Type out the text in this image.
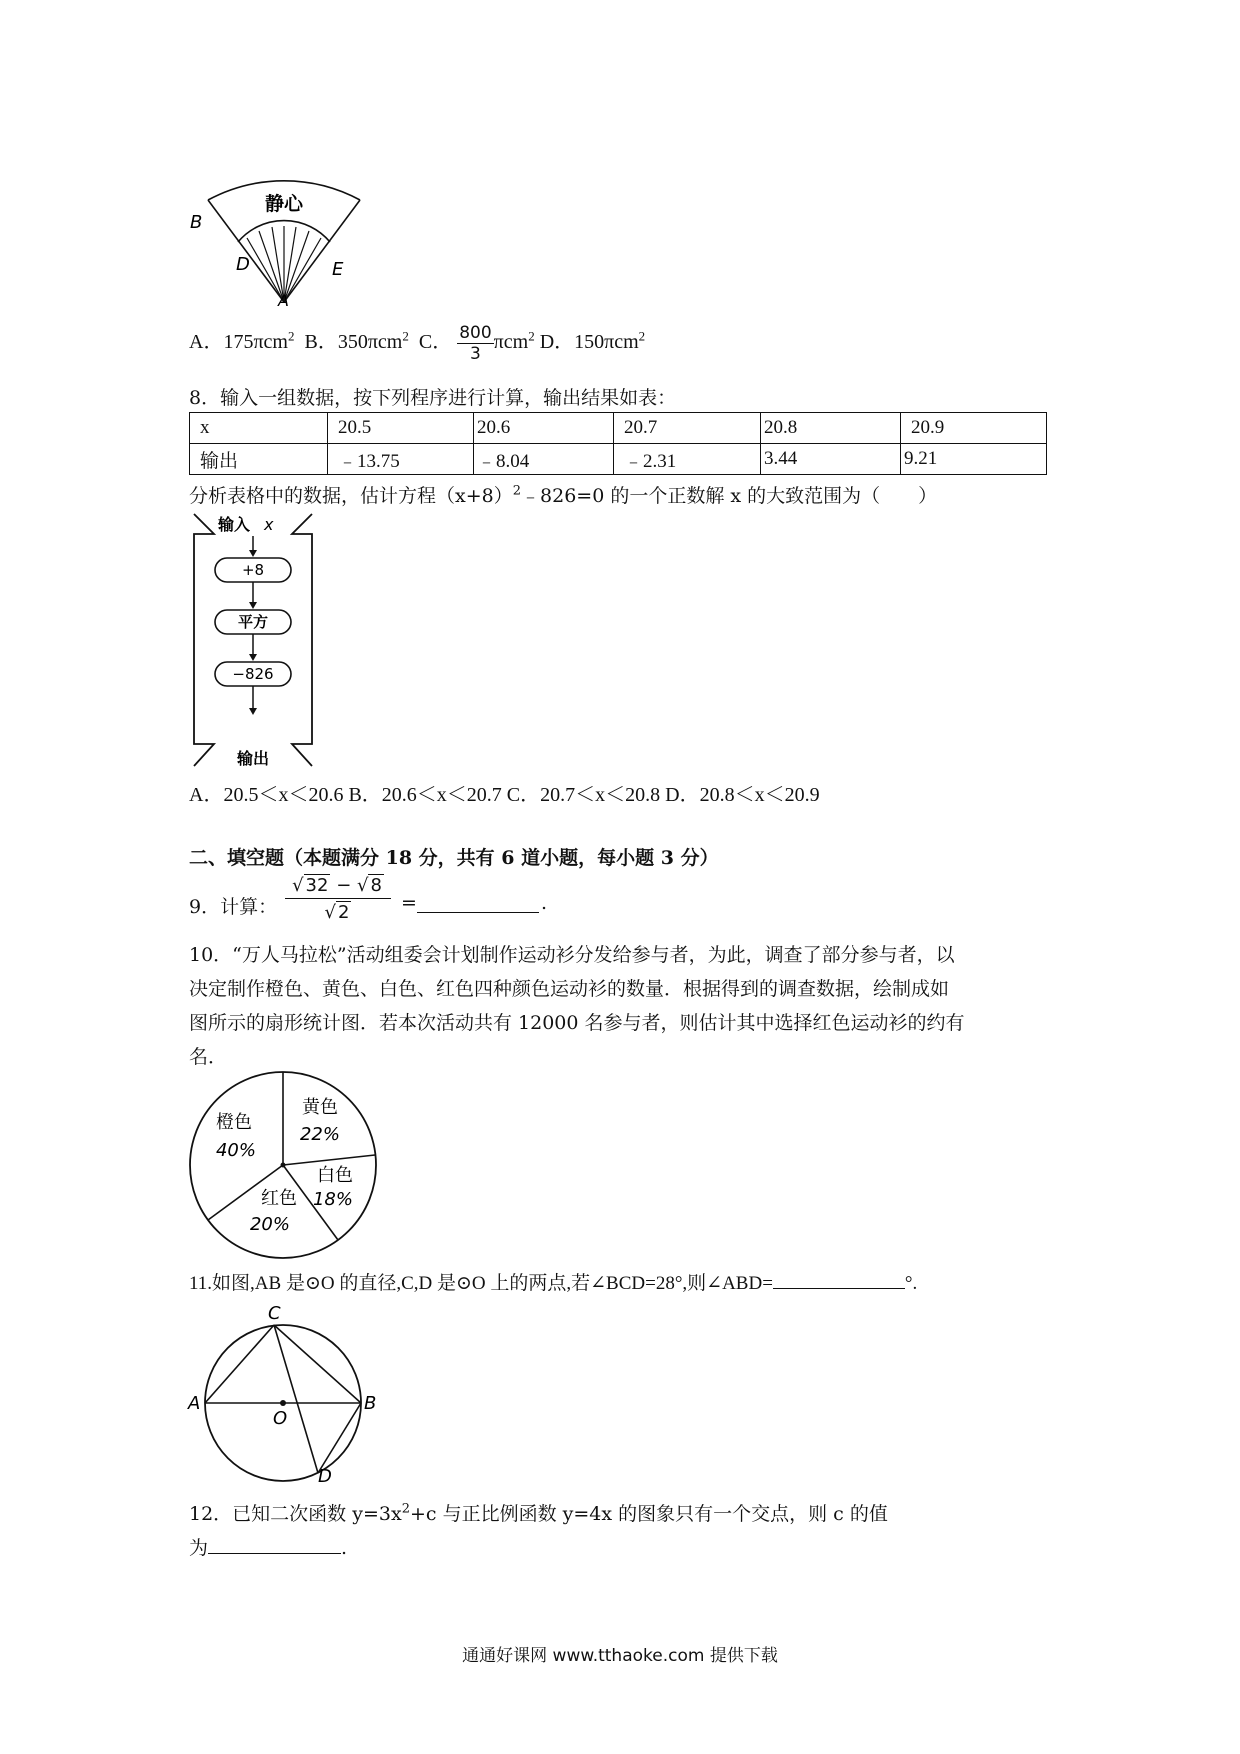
静心
B
D	E
A
A．175πcm$^2$ B．350πcm$^2$ C． $\frac{800}{3} \pi cm^2$ D．150πcm$^2$
8．输入一组数据，按下列程序进行计算，输出结果如表：
x	20.5	20.6	20.7	20.8	20.9
输出	﹣13.75	﹣8.04	﹣2.31	3.44	9.21
分析表格中的数据，估计方程$(x+8)^2﹣826=0$ 的一个正数解 x 的大致范围为（　　）
输入 x
+8
平方
−826
输出
A．20.5＜x＜20.6 B．20.6＜x＜20.7 C．20.7＜x＜20.8 D．20.8＜x＜20.9
二、填空题（本题满分 18 分，共有 6 道小题，每小题 3 分）
9．计算：
√ 32 − √ 8
√ 2	=	.
10．“万人马拉松”活动组委会计划制作运动衫分发给参与者，为此，调查了部分参与者，以
决定制作橙色、黄色、白色、红色四种颜色运动衫的数量．根据得到的调查数据，绘制成如
图所示的扇形统计图．若本次活动共有 12000 名参与者，则估计其中选择红色运动衫的约有
名．
橙色
40%
黄色
22%
白色
18%
红色
20%
11.如图,AB 是⊙O 的直径,C,D 是⊙O 上的两点,若∠BCD=28°,则∠ABD=	°.
C
A
O
B
D
12．已知二次函数 $y=3x^2+c$ 与正比例函数 y=4x 的图象只有一个交点，则 c 的值
为	.
通通好课网 www.tthaoke.com 提供下载
